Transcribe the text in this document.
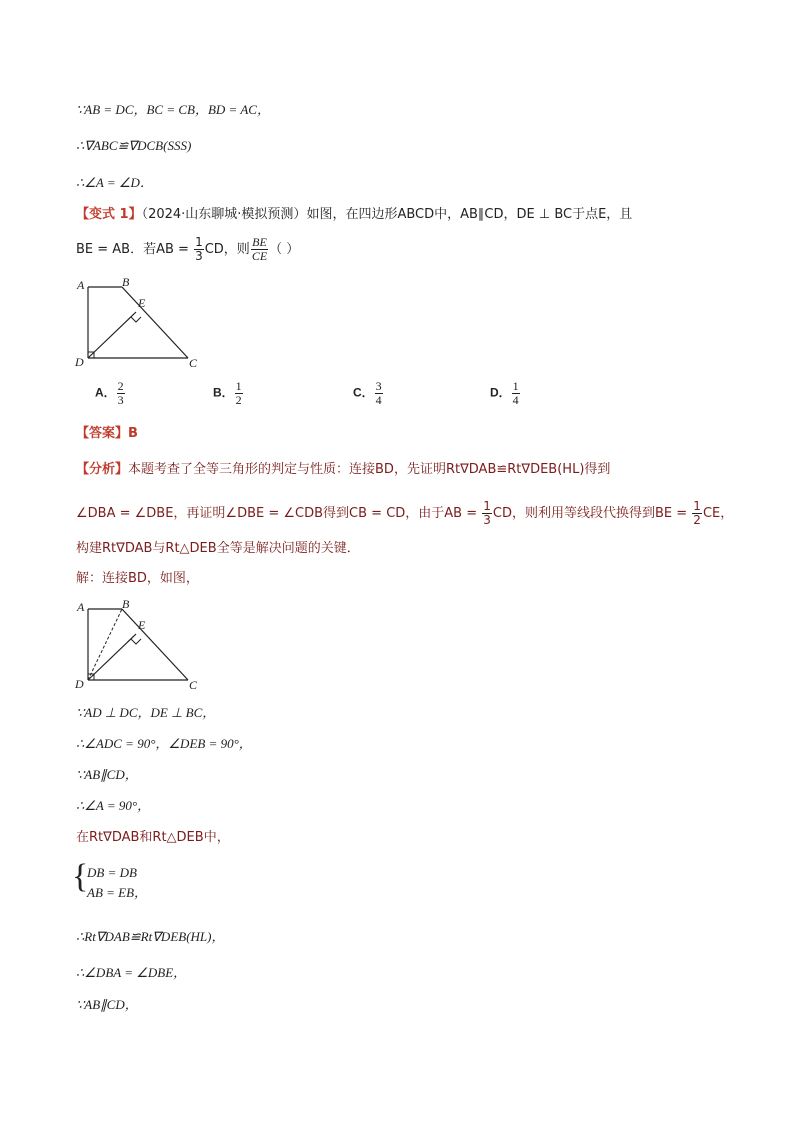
∵AB = DC，BC = CB，BD = AC，
∴∇ABC≌∇DCB(SSS)
∴∠A = ∠D．
【变式 1】（2024·山东聊城·模拟预测）如图，在四边形ABCD中，AB∥CD，DE ⊥ BC于点E，且
BE = AB．若AB = $\frac{1}{3}$ CD，则 $\frac{BE}{CE}$ （ ）
A	B
E
D	C
A． $\frac{2}{3}$	B． $\frac{1}{2}$	C． $\frac{3}{4}$	D． $\frac{1}{4}$
【答案】B
【分析】本题考查了全等三角形的判定与性质：连接BD，先证明Rt∇DAB≌Rt∇DEB(HL)得到
∠DBA = ∠DBE，再证明∠DBE = ∠CDB得到CB = CD，由于AB = $\frac{1}{3}$ CD，则利用等线段代换得到BE = $\frac{1}{2}$ CE，
构建Rt∇DAB与Rt△DEB全等是解决问题的关键．
解：连接BD，如图，
A	B
E
D	C
∵AD ⊥ DC，DE ⊥ BC，
∴∠ADC = 90°，∠DEB = 90°，
∵AB∥CD，
∴∠A = 90°，
在Rt∇DAB和Rt△DEB中，
{
DB = DB
AB = EB，
∴Rt∇DAB≌Rt∇DEB(HL)，
∴∠DBA = ∠DBE，
∵AB∥CD，
